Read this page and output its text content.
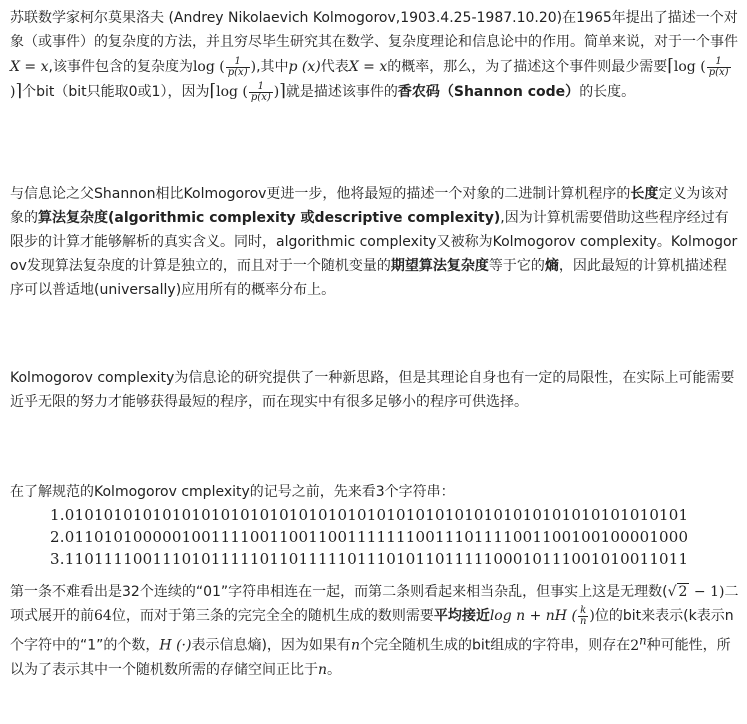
苏联数学家柯尔莫果洛夫 (Andrey Nikolaevich Kolmogorov,1903.4.25-1987.10.20)在1965年提出了描述一个对象（或事件）的复杂度的方法，并且穷尽毕生研究其在数学、复杂度理论和信息论中的作用。简单来说，对于一个事件X = x,该事件包含的复杂度为log ( $\frac{1}{p(x)}$ ),其中p (x)代表X = x的概率，那么，为了描述这个事件则最少需要⌈log ( $\frac{1}{p(x)}$
)⌉个bit（bit只能取0或1），因为⌈log ( $\frac{1}{p(x)}$ )⌉就是描述该事件的香农码（Shannon code）的长度。
与信息论之父Shannon相比Kolmogorov更进一步，他将最短的描述一个对象的二进制计算机程序的长度定义为该对象的算法复杂度(algorithmic complexity 或descriptive complexity),因为计算机需要借助这些程序经过有限步的计算才能够解析的真实含义。同时，algorithmic complexity又被称为Kolmogorov complexity。Kolmogorov发现算法复杂度的计算是独立的，而且对于一个随机变量的期望算法复杂度等于它的熵，因此最短的计算机描述程序可以普适地(universally)应用所有的概率分布上。
Kolmogorov complexity为信息论的研究提供了一种新思路，但是其理论自身也有一定的局限性，在实际上可能需要近乎无限的努力才能够获得最短的程序，而在现实中有很多足够小的程序可供选择。
在了解规范的Kolmogorov cmplexity的记号之前，先来看3个字符串：
1.0101010101010101010101010101010101010101010101010101010101010101
2.0110101000001001111001100110011111110011101111001100100100001000
3.1101111001110101111101101111101110101101111100010111001010011011
第一条不难看出是32个连续的“01”字符串相连在一起，而第二条则看起来相当杂乱，但事实上这是无理数(√ 2 − 1)二项式展开的前64位，而对于第三条的完完全全的随机生成的数则需要平均接近log n + nH ( $\frac{k}{n}$ )位的bit来表示(k表示n个字符中的“1”的个数，H (·)表示信息熵)，因为如果有n个完全随机生成的bit组成的字符串，则存在2$^n$种可能性，所以为了表示其中一个随机数所需的存储空间正比于n。
